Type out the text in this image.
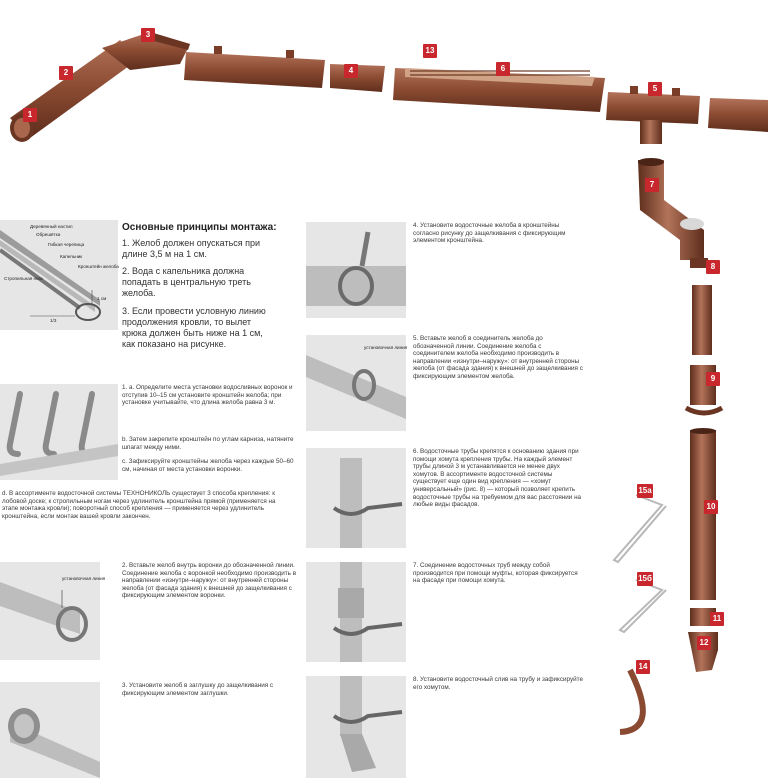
1
2
3
4
13
6
5
7
8
9
10
11
12
14
15a
15б
Деревянный настил
Обрешётка
Гибкая черепица
Капельник
Кронштейн желоба
Стропильная нога
1 см
1/3
Основные принципы монтажа:
1. Желоб должен опускаться при длине 3,5 м на 1 см.
2. Вода с капельника должна попадать в центральную треть желоба.
3. Если провести условную линию продолжения кровли, то вылет крюка должен быть ниже на 1 см, как показано на рисунке.
1. a. Определите места установки водосливных воронок и отступив 10–15 см установите кронштейн желоба; при установке учитывайте, что длина желоба равна 3 м.
b. Затем закрепите кронштейн по углам карниза, натяните шпагат между ними.
c. Зафиксируйте кронштейны желоба через каждые 50–60 см, начиная от места установки воронки.
d. В ассортименте водосточной системы ТЕХНОНИКОЛЬ существует 3 способа крепления: к лобовой доске; к стропильным ногам через удлинитель кронштейна прямой (применяется на этапе монтажа кровли); поворотный способ крепления — применяется через удлинитель кронштейна, если монтаж вашей кровли закончен.
установочная линия
2. Вставьте желоб внутрь воронки до обозначенной линии. Соединение желоба с воронкой необходимо производить в направлении «изнутри–наружу»: от внутренней стороны желоба (от фасада здания) к внешней до защелкивания с фиксирующим элементом воронки.
3. Установите желоб в заглушку до защелкивания с фиксирующим элементом заглушки.
4. Установите водосточные желоба в кронштейны согласно рисунку до защелкивания с фиксирующим элементом кронштейна.
установочная линия
5. Вставьте желоб в соединитель желоба до обозначенной линии. Соединение желоба с соединителем желоба необходимо производить в направлении «изнутри–наружу»: от внутренней стороны желоба (от фасада здания) к внешней до защелкивания с фиксирующим элементом желоба.
6. Водосточные трубы крепятся к основанию здания при помощи хомута крепления трубы. На каждый элемент трубы длиной 3 м устанавливается не менее двух хомутов. В ассортименте водосточной системы существует еще один вид крепления — «хомут универсальный» (рис. 8) — который позволяет крепить водосточные трубы на требуемом для вас расстоянии на любые виды фасадов.
7. Соединение водосточных труб между собой производится при помощи муфты, которая фиксируется на фасаде при помощи хомута.
8. Установите водосточный слив на трубу и зафиксируйте его хомутом.
